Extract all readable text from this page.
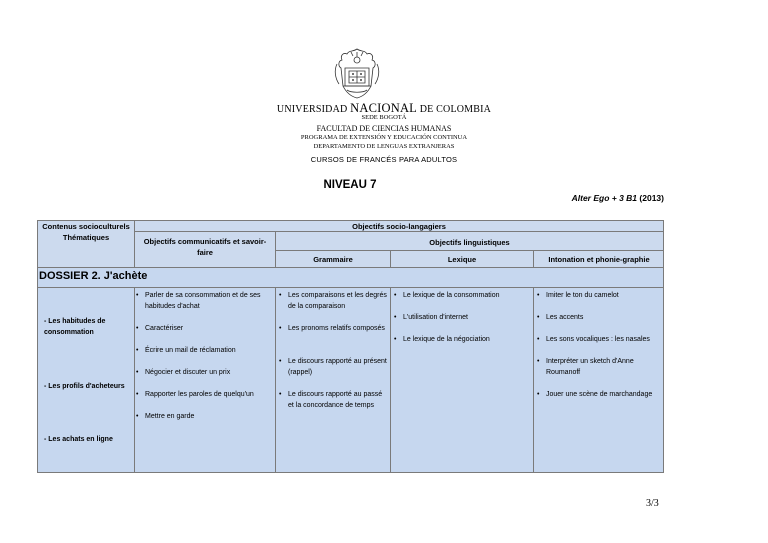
UNIVERSIDAD NACIONAL DE COLOMBIA
SEDE BOGOTÁ
FACULTAD DE CIENCIAS HUMANAS
PROGRAMA DE EXTENSIÓN Y EDUCACIÓN CONTINUA
DEPARTAMENTO DE LENGUAS EXTRANJERAS
CURSOS DE FRANCÉS PARA ADULTOS
NIVEAU 7
Alter Ego + 3 B1 (2013)
Contenus socioculturels Thématiques
Objectifs socio-langagiers
Objectifs communicatifs et savoir-faire
Objectifs linguistiques
Grammaire	Lexique	Intonation et phonie-graphie
DOSSIER 2. J'achète
- Les habitudes de consommation
- Les profils d'acheteurs
- Les achats en ligne
• Parler de sa consommation et de ses habitudes d'achat
• Caractériser
• Écrire un mail de réclamation
• Négocier et discuter un prix
• Rapporter les paroles de quelqu'un
• Mettre en garde
• Les comparaisons et les degrés de la comparaison
• Les pronoms relatifs composés
• Le discours rapporté au présent (rappel)
• Le discours rapporté au passé et la concordance de temps
• Le lexique de la consommation
• L'utilisation d'internet
• Le lexique de la négociation
• Imiter le ton du camelot
• Les accents
• Les sons vocaliques : les nasales
• Interpréter un sketch d'Anne Roumanoff
• Jouer une scène de marchandage
3/3
